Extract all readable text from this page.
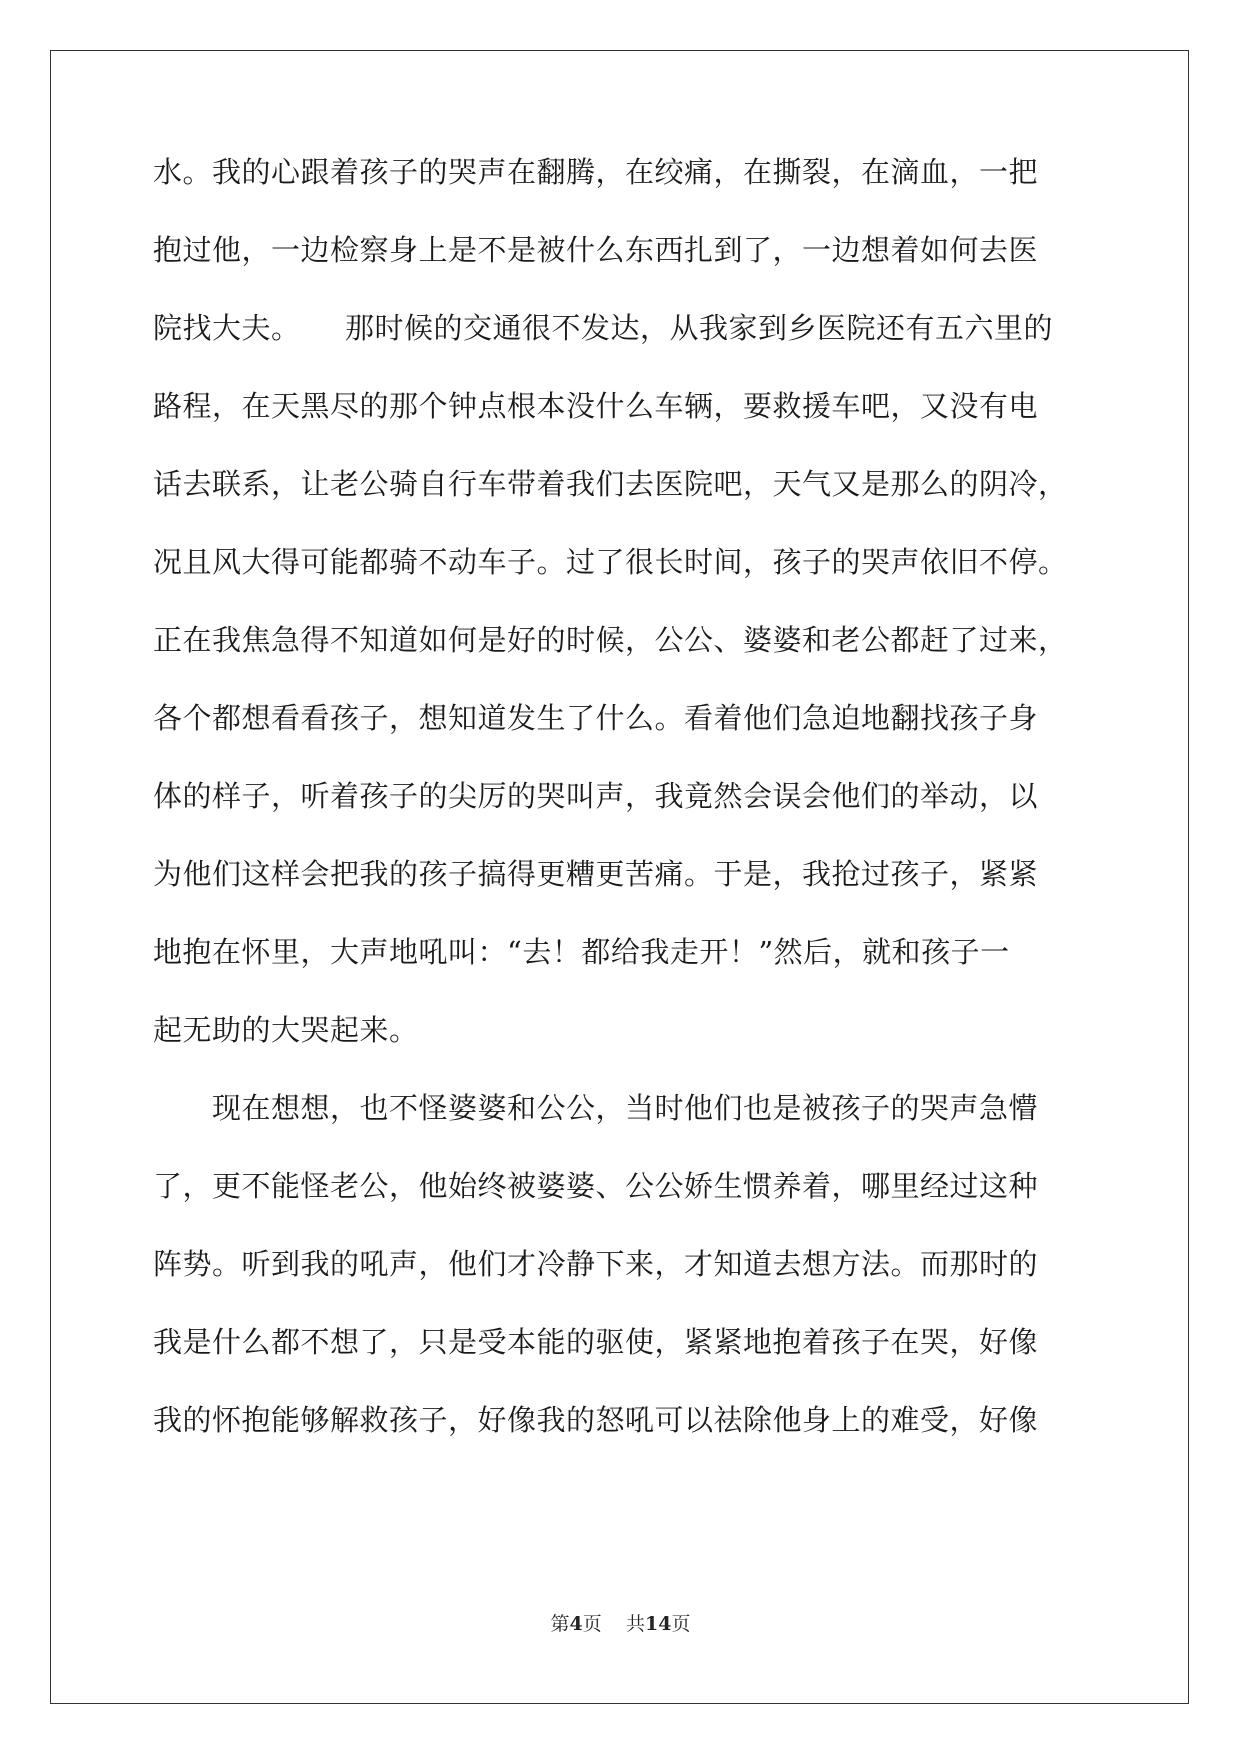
水。我的心跟着孩子的哭声在翻腾，在绞痛，在撕裂，在滴血，一把
抱过他，一边检察身上是不是被什么东西扎到了，一边想着如何去医
院找大夫。　　那时候的交通很不发达，从我家到乡医院还有五六里的
路程，在天黑尽的那个钟点根本没什么车辆，要救援车吧，又没有电
话去联系，让老公骑自行车带着我们去医院吧，天气又是那么的阴冷，
况且风大得可能都骑不动车子。过了很长时间，孩子的哭声依旧不停。
正在我焦急得不知道如何是好的时候，公公、婆婆和老公都赶了过来，
各个都想看看孩子，想知道发生了什么。看着他们急迫地翻找孩子身
体的样子，听着孩子的尖厉的哭叫声，我竟然会误会他们的举动，以
为他们这样会把我的孩子搞得更糟更苦痛。于是，我抢过孩子，紧紧
地抱在怀里，大声地吼叫：“去！都给我走开！”然后，就和孩子一
起无助的大哭起来。
　　现在想想，也不怪婆婆和公公，当时他们也是被孩子的哭声急懵
了，更不能怪老公，他始终被婆婆、公公娇生惯养着，哪里经过这种
阵势。听到我的吼声，他们才冷静下来，才知道去想方法。而那时的
我是什么都不想了，只是受本能的驱使，紧紧地抱着孩子在哭，好像
我的怀抱能够解救孩子，好像我的怒吼可以祛除他身上的难受，好像
第4页 共14页
